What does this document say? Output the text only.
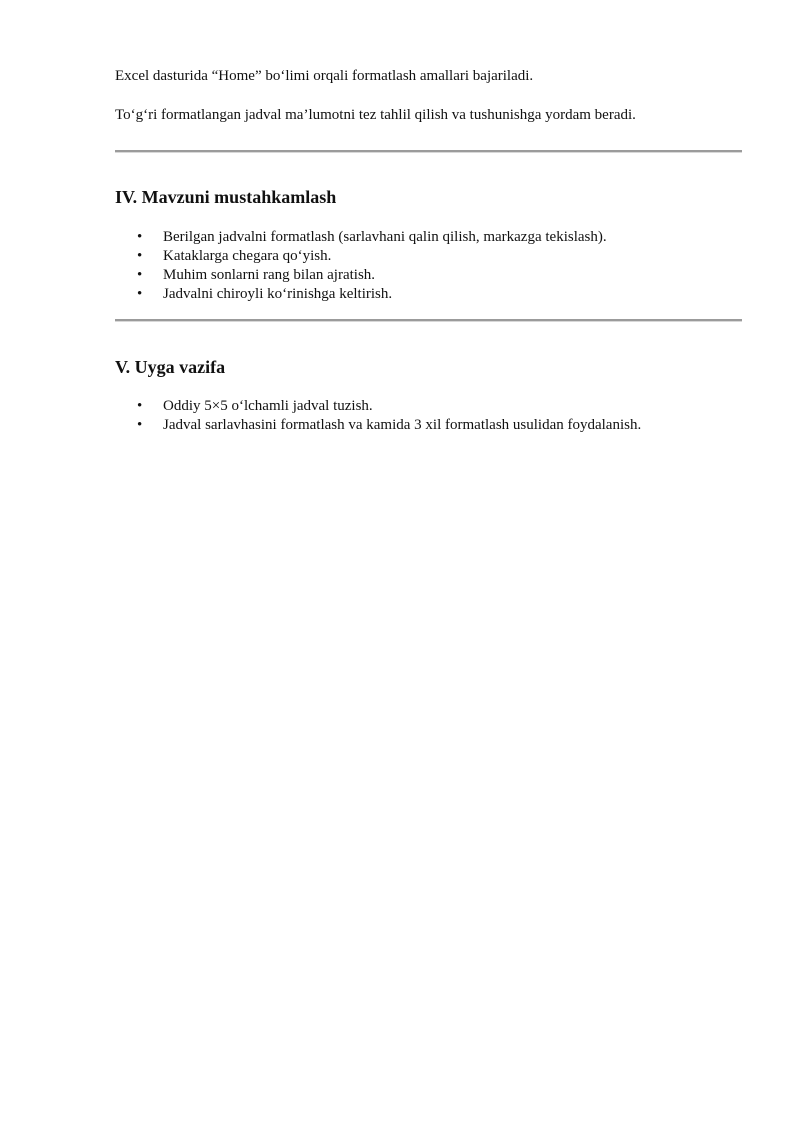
Excel dasturida “Home” bo‘limi orqali formatlash amallari bajariladi.

To‘g‘ri formatlangan jadval ma’lumotni tez tahlil qilish va tushunishga yordam beradi.

IV. Mavzuni mustahkamlash
• Berilgan jadvalni formatlash (sarlavhani qalin qilish, markazga tekislash).
• Kataklarga chegara qo‘yish.
• Muhim sonlarni rang bilan ajratish.
• Jadvalni chiroyli ko‘rinishga keltirish.
V. Uyga vazifa
• Oddiy 5×5 o‘lchamli jadval tuzish.
• Jadval sarlavhasini formatlash va kamida 3 xil formatlash usulidan foydalanish.
